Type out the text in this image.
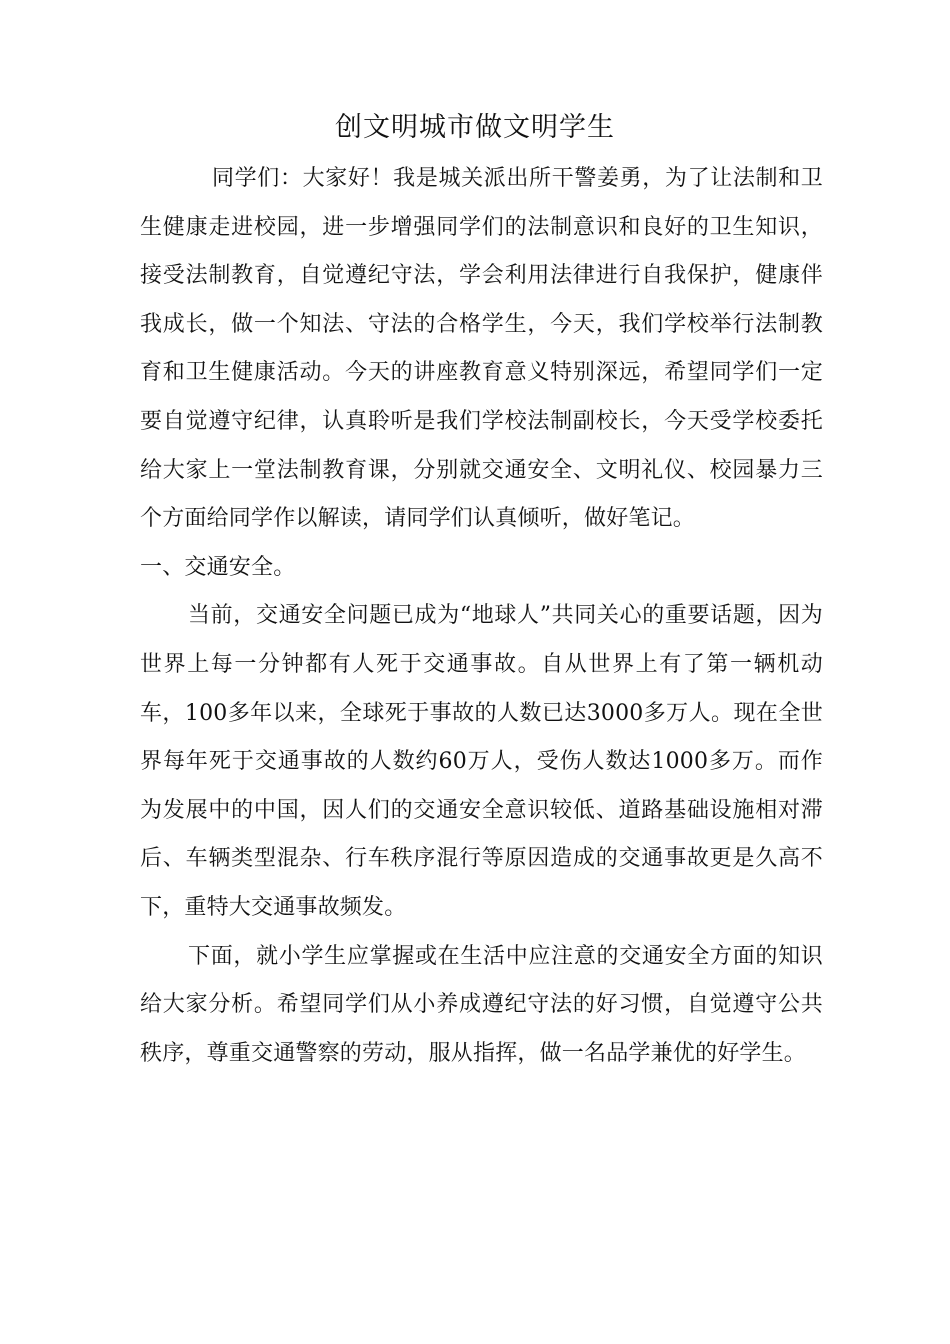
创文明城市做文明学生

同学们：大家好！我是城关派出所干警姜勇，为了让法制和卫生健康走进校园，进一步增强同学们的法制意识和良好的卫生知识，接受法制教育，自觉遵纪守法，学会利用法律进行自我保护，健康伴我成长，做一个知法、守法的合格学生，今天，我们学校举行法制教育和卫生健康活动。今天的讲座教育意义特别深远，希望同学们一定要自觉遵守纪律，认真聆听是我们学校法制副校长，今天受学校委托给大家上一堂法制教育课，分别就交通安全、文明礼仪、校园暴力三个方面给同学作以解读，请同学们认真倾听，做好笔记。

一、交通安全。

当前，交通安全问题已成为“地球人”共同关心的重要话题，因为世界上每一分钟都有人死于交通事故。自从世界上有了第一辆机动车，100多年以来，全球死于事故的人数已达3000多万人。现在全世界每年死于交通事故的人数约60万人，受伤人数达1000多万。而作为发展中的中国，因人们的交通安全意识较低、道路基础设施相对滞后、车辆类型混杂、行车秩序混行等原因造成的交通事故更是久高不下，重特大交通事故频发。

下面，就小学生应掌握或在生活中应注意的交通安全方面的知识给大家分析。希望同学们从小养成遵纪守法的好习惯，自觉遵守公共秩序，尊重交通警察的劳动，服从指挥，做一名品学兼优的好学生。
